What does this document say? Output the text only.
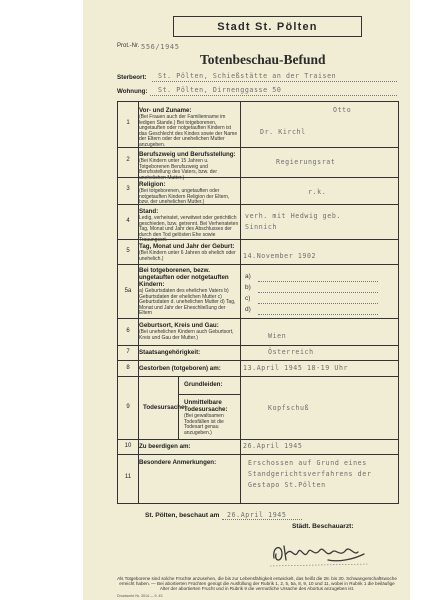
Stadt St. Pölten
Prot.-Nr. 556/1945
Totenbeschau-Befund
Sterbeort: St. Pölten, Schießstätte an der Traisen
Wohnung: St. Pölten, Dirnenggasse 50
1
Vor- und Zuname:
(Bei Frauen auch der Familienname im ledigen Stande.) Bei totgeborenen, ungetauften oder notgetauften Kindern ist das Geschlecht des Kindes sowie der Name der Eltern oder der unehelichen Mutter anzugeben.
Otto
Dr. Kirchl
2
Berufszweig und Berufsstellung:
(Bei Kindern unter 15 Jahren u. Totgeborenen Berufszweig und Berufsstellung des Vaters, bzw. der unehelichen Mutter.)
Regierungsrat
3
Religion:
(Bei totgeborenen, ungetauften oder notgetauften Kindern Religion der Eltern, bzw. der unehelichen Mutter.)
r.k.
4
Stand:
Ledig, verheiratet, verwitwet oder gerichtlich geschieden, bzw. getrennt. Bei Verheirateten Tag, Monat und Jahr des Abschlusses der durch den Tod gelösten Ehe sowie Trauungsort.
verh. mit Hedwig geb.
Sinnich
5
Tag, Monat und Jahr der Geburt:
(Bei Kindern unter 6 Jahren ob ehelich oder unehelich.)	14.November 1902
5a
Bei totgeborenen, bezw. ungetauften oder notgetauften Kindern:
a) Geburtsdaten des ehelichen Vaters b) Geburtsdaten der ehelichen Mutter c) Geburtsdaten d. unehelichen Mutter d) Tag, Monat und Jahr der Eheschließung der Eltern
a)
b)
c)
d)
6
Geburtsort, Kreis und Gau:
(Bei unehelichen Kindern auch Geburtsort, Kreis und Gau der Mutter.)	Wien
7	Staatsangehörigkeit:	Österreich
8	Gestorben (totgeboren) am:	13.April 1945 18-19 Uhr
9	Todesursache:
Grundleiden:
Unmittelbare Todesursache:
(Bei gewaltsamen Todesfällen ist die Todesart genau anzugeben.)
Kopfschuß
10	Zu beerdigen am:	26.April 1945
11
Besondere Anmerkungen:	Erschossen auf Grund eines
Standgerichtsverfahrens der
Gestapo St.Pölten
St. Pölten, beschaut am 26.April 1945
Städt. Beschauarzt:
Als Totgeborene sind solche Früchte anzusehen, die bis zur Lebensfähigkeit entwickelt, das heißt die 28. bis 30. Schwangerschaftswoche erreicht haben. — Bei abortierten Früchten genügt die Ausfüllung der Rubrik 1, 2, 5, 5a, 8, 9, 10 und 11, wobei in Rubrik 1 die beiläufige Alter der abortierten Frucht und in Rubrik 9 die vermutliche Ursache des Abortus anzugeben ist.
Drucksorte Nr. 3014 — 9. 43
